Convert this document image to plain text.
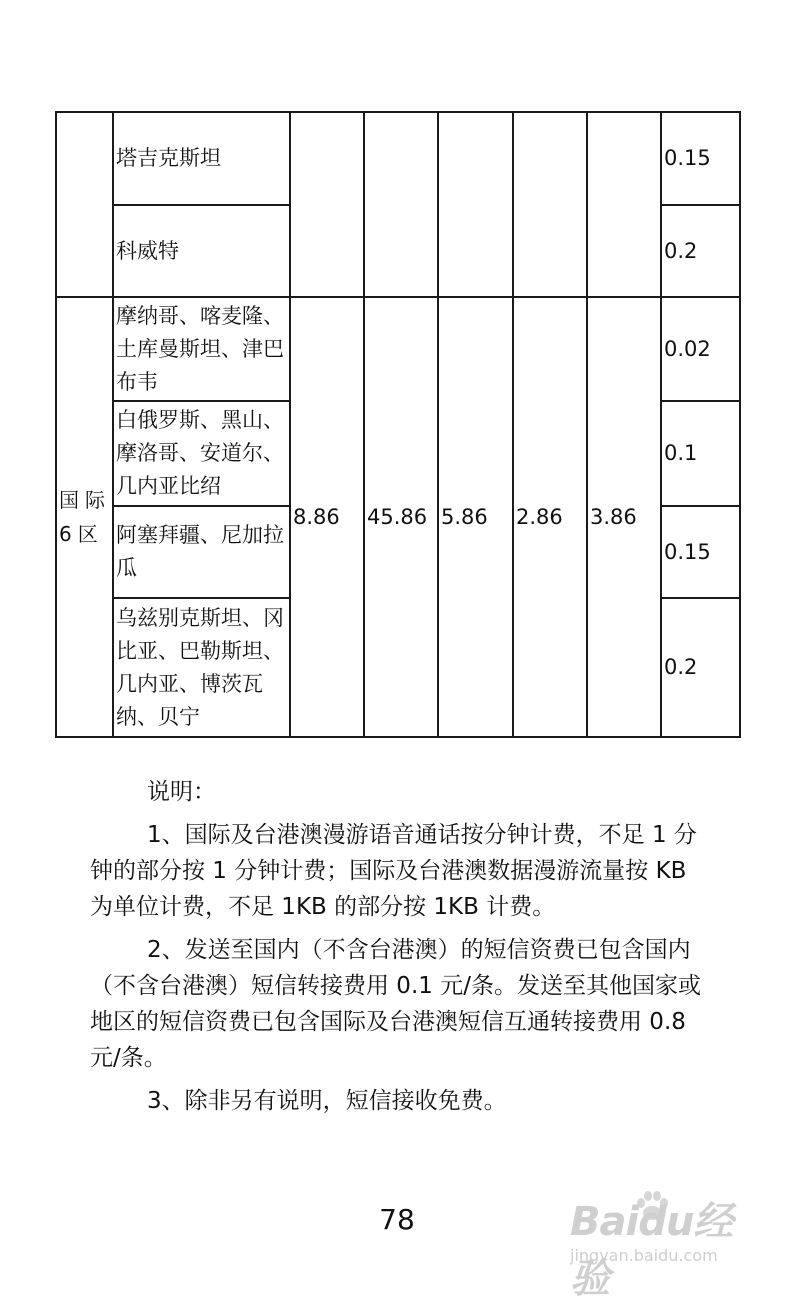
	塔吉克斯坦						0.15
	科威特						0.2
国际6区	摩纳哥、喀麦隆、土库曼斯坦、津巴布韦	8.86	45.86	5.86	2.86	3.86	0.02
	白俄罗斯、黑山、摩洛哥、安道尔、几内亚比绍						0.1
	阿塞拜疆、尼加拉瓜						0.15
	乌兹别克斯坦、冈比亚、巴勒斯坦、几内亚、博茨瓦纳、贝宁						0.2

说明：

1、国际及台港澳漫游语音通话按分钟计费，不足 1 分钟的部分按 1 分钟计费；国际及台港澳数据漫游流量按 KB 为单位计费，不足 1KB 的部分按 1KB 计费。

2、发送至国内（不含台港澳）的短信资费已包含国内（不含台港澳）短信转接费用 0.1 元/条。发送至其他国家或地区的短信资费已包含国际及台港澳短信互通转接费用 0.8 元/条。

3、除非另有说明，短信接收免费。

78	Baidu经验
jingyan.baidu.com
